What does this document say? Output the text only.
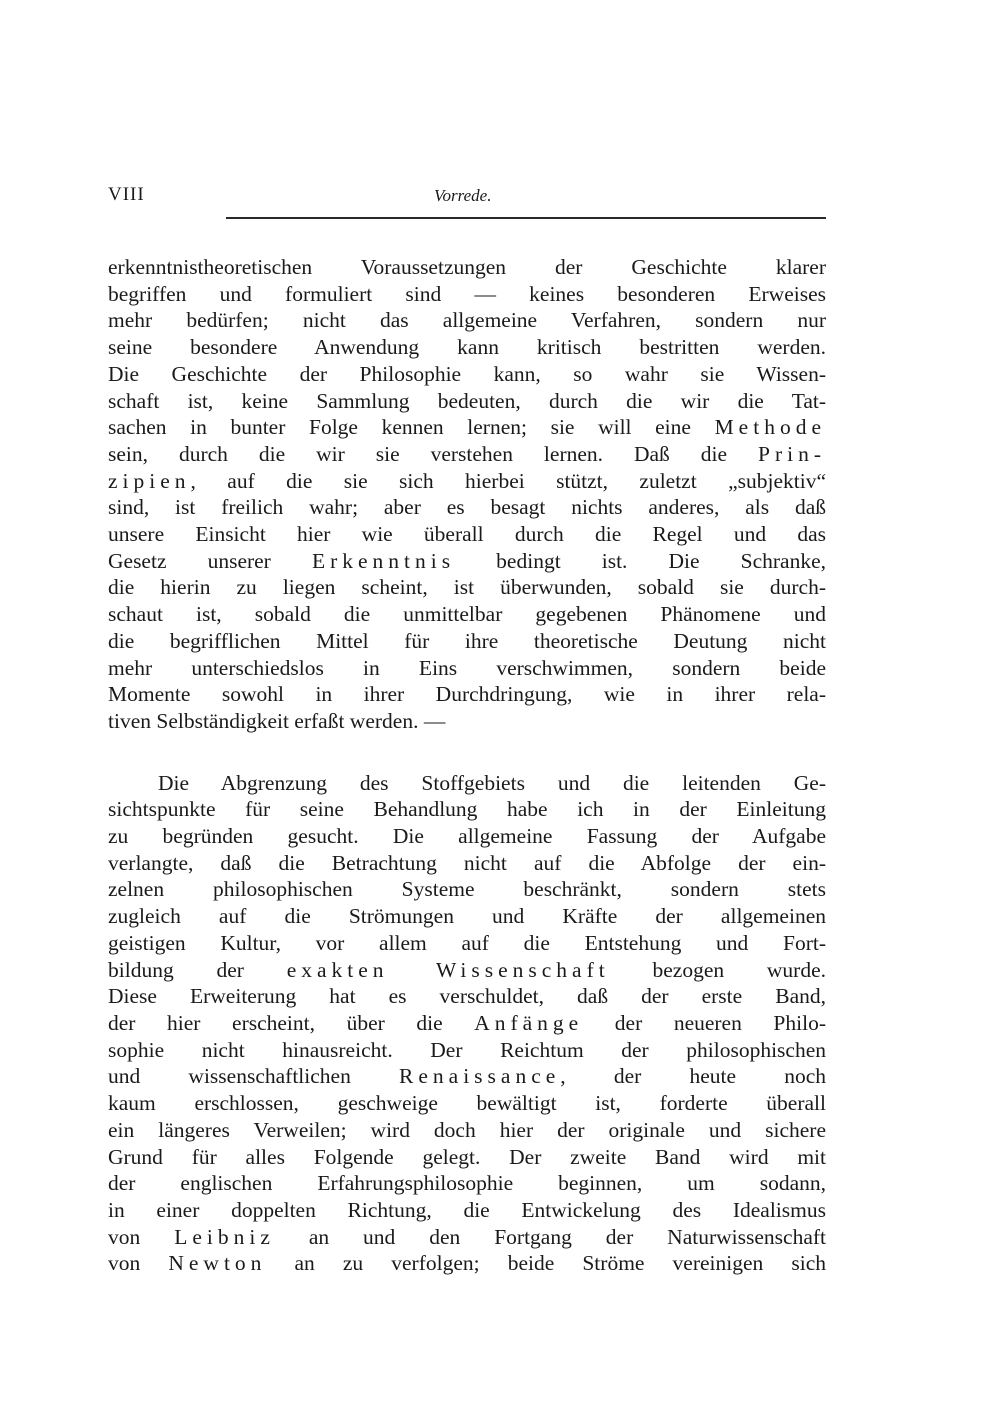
VIII	Vorrede.
erkenntnistheoretischen Voraussetzungen der Geschichte klarer
begriffen und formuliert sind — keines besonderen Erweises
mehr bedürfen; nicht das allgemeine Verfahren, sondern nur
seine besondere Anwendung kann kritisch bestritten werden.
Die Geschichte der Philosophie kann, so wahr sie Wissen-
schaft ist, keine Sammlung bedeuten, durch die wir die Tat-
sachen in bunter Folge kennen lernen; sie will eine Methode
sein, durch die wir sie verstehen lernen. Daß die Prin-
zipien, auf die sie sich hierbei stützt, zuletzt „subjektiv“
sind, ist freilich wahr; aber es besagt nichts anderes, als daß
unsere Einsicht hier wie überall durch die Regel und das
Gesetz unserer Erkenntnis bedingt ist. Die Schranke,
die hierin zu liegen scheint, ist überwunden, sobald sie durch-
schaut ist, sobald die unmittelbar gegebenen Phänomene und
die begrifflichen Mittel für ihre theoretische Deutung nicht
mehr unterschiedslos in Eins verschwimmen, sondern beide
Momente sowohl in ihrer Durchdringung, wie in ihrer rela-
tiven Selbständigkeit erfaßt werden. —
Die Abgrenzung des Stoffgebiets und die leitenden Ge-
sichtspunkte für seine Behandlung habe ich in der Einleitung
zu begründen gesucht. Die allgemeine Fassung der Aufgabe
verlangte, daß die Betrachtung nicht auf die Abfolge der ein-
zelnen philosophischen Systeme beschränkt, sondern stets
zugleich auf die Strömungen und Kräfte der allgemeinen
geistigen Kultur, vor allem auf die Entstehung und Fort-
bildung der exakten Wissenschaft bezogen wurde.
Diese Erweiterung hat es verschuldet, daß der erste Band,
der hier erscheint, über die Anfänge der neueren Philo-
sophie nicht hinausreicht. Der Reichtum der philosophischen
und wissenschaftlichen Renaissance, der heute noch
kaum erschlossen, geschweige bewältigt ist, forderte überall
ein längeres Verweilen; wird doch hier der originale und sichere
Grund für alles Folgende gelegt. Der zweite Band wird mit
der englischen Erfahrungsphilosophie beginnen, um sodann,
in einer doppelten Richtung, die Entwickelung des Idealismus
von Leibniz an und den Fortgang der Naturwissenschaft
von Newton an zu verfolgen; beide Ströme vereinigen sich
